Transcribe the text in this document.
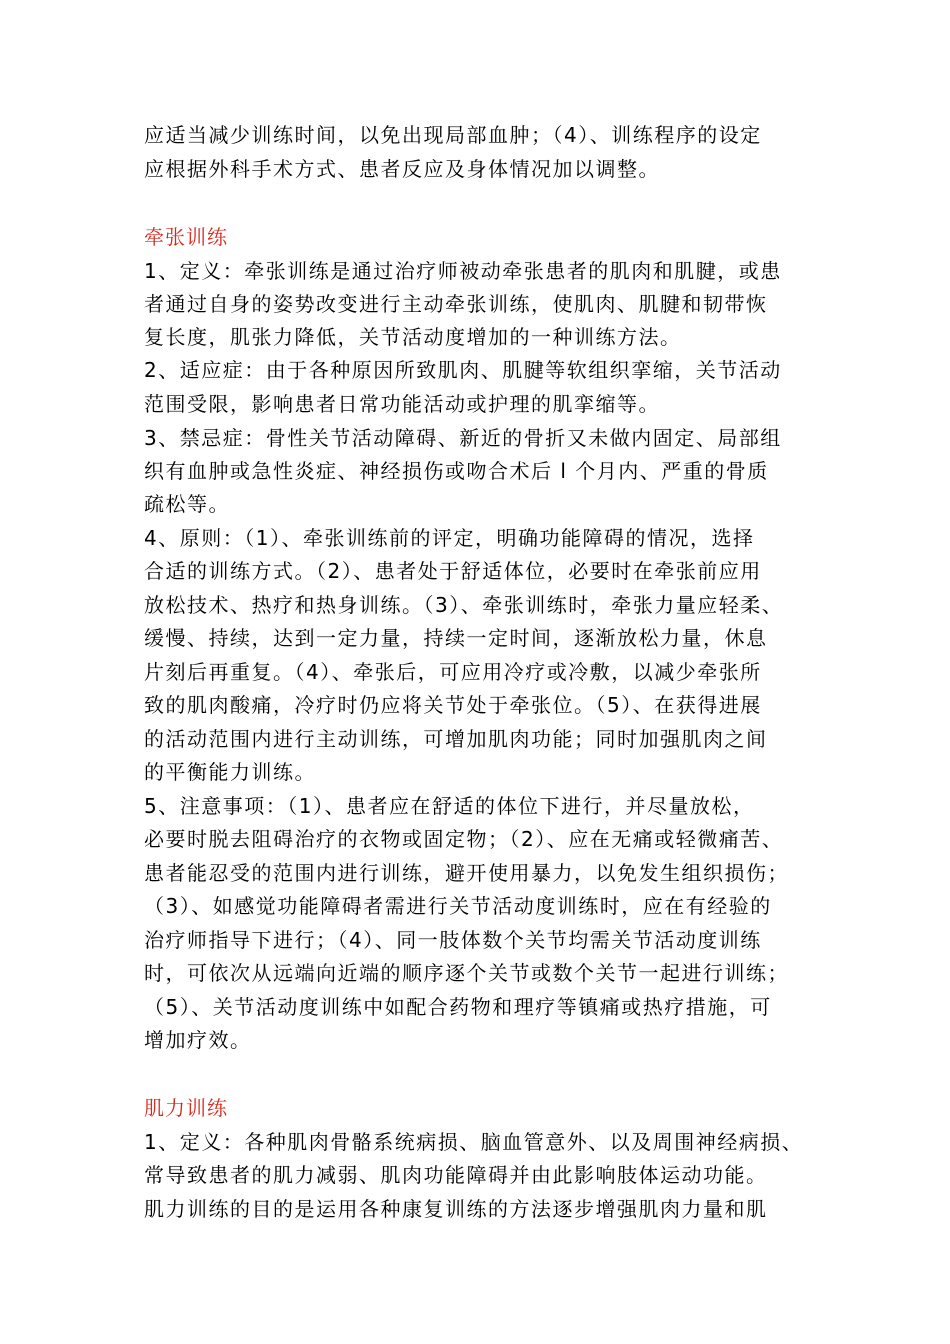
应适当减少训练时间，以免出现局部血肿；（4）、训练程序的设定
应根据外科手术方式、患者反应及身体情况加以调整。
牵张训练
1、定义：牵张训练是通过治疗师被动牵张患者的肌肉和肌腱，或患
者通过自身的姿势改变进行主动牵张训练，使肌肉、肌腱和韧带恢
复长度，肌张力降低，关节活动度增加的一种训练方法。
2、适应症：由于各种原因所致肌肉、肌腱等软组织挛缩，关节活动
范围受限，影响患者日常功能活动或护理的肌挛缩等。
3、禁忌症：骨性关节活动障碍、新近的骨折又未做内固定、局部组
织有血肿或急性炎症、神经损伤或吻合术后 l 个月内、严重的骨质
疏松等。
4、原则：（1）、牵张训练前的评定，明确功能障碍的情况，选择
合适的训练方式。（2）、患者处于舒适体位，必要时在牵张前应用
放松技术、热疗和热身训练。（3）、牵张训练时，牵张力量应轻柔、
缓慢、持续，达到一定力量，持续一定时间，逐渐放松力量，休息
片刻后再重复。（4）、牵张后，可应用冷疗或冷敷，以减少牵张所
致的肌肉酸痛，冷疗时仍应将关节处于牵张位。（5）、在获得进展
的活动范围内进行主动训练，可增加肌肉功能；同时加强肌肉之间
的平衡能力训练。
5、注意事项：（1）、患者应在舒适的体位下进行，并尽量放松，
必要时脱去阻碍治疗的衣物或固定物；（2）、应在无痛或轻微痛苦、
患者能忍受的范围内进行训练，避开使用暴力，以免发生组织损伤；
（3）、如感觉功能障碍者需进行关节活动度训练时，应在有经验的
治疗师指导下进行；（4）、同一肢体数个关节均需关节活动度训练
时，可依次从远端向近端的顺序逐个关节或数个关节一起进行训练；
（5）、关节活动度训练中如配合药物和理疗等镇痛或热疗措施，可
增加疗效。
肌力训练
1、定义：各种肌肉骨骼系统病损、脑血管意外、以及周围神经病损、
常导致患者的肌力减弱、肌肉功能障碍并由此影响肢体运动功能。
肌力训练的目的是运用各种康复训练的方法逐步增强肌肉力量和肌
